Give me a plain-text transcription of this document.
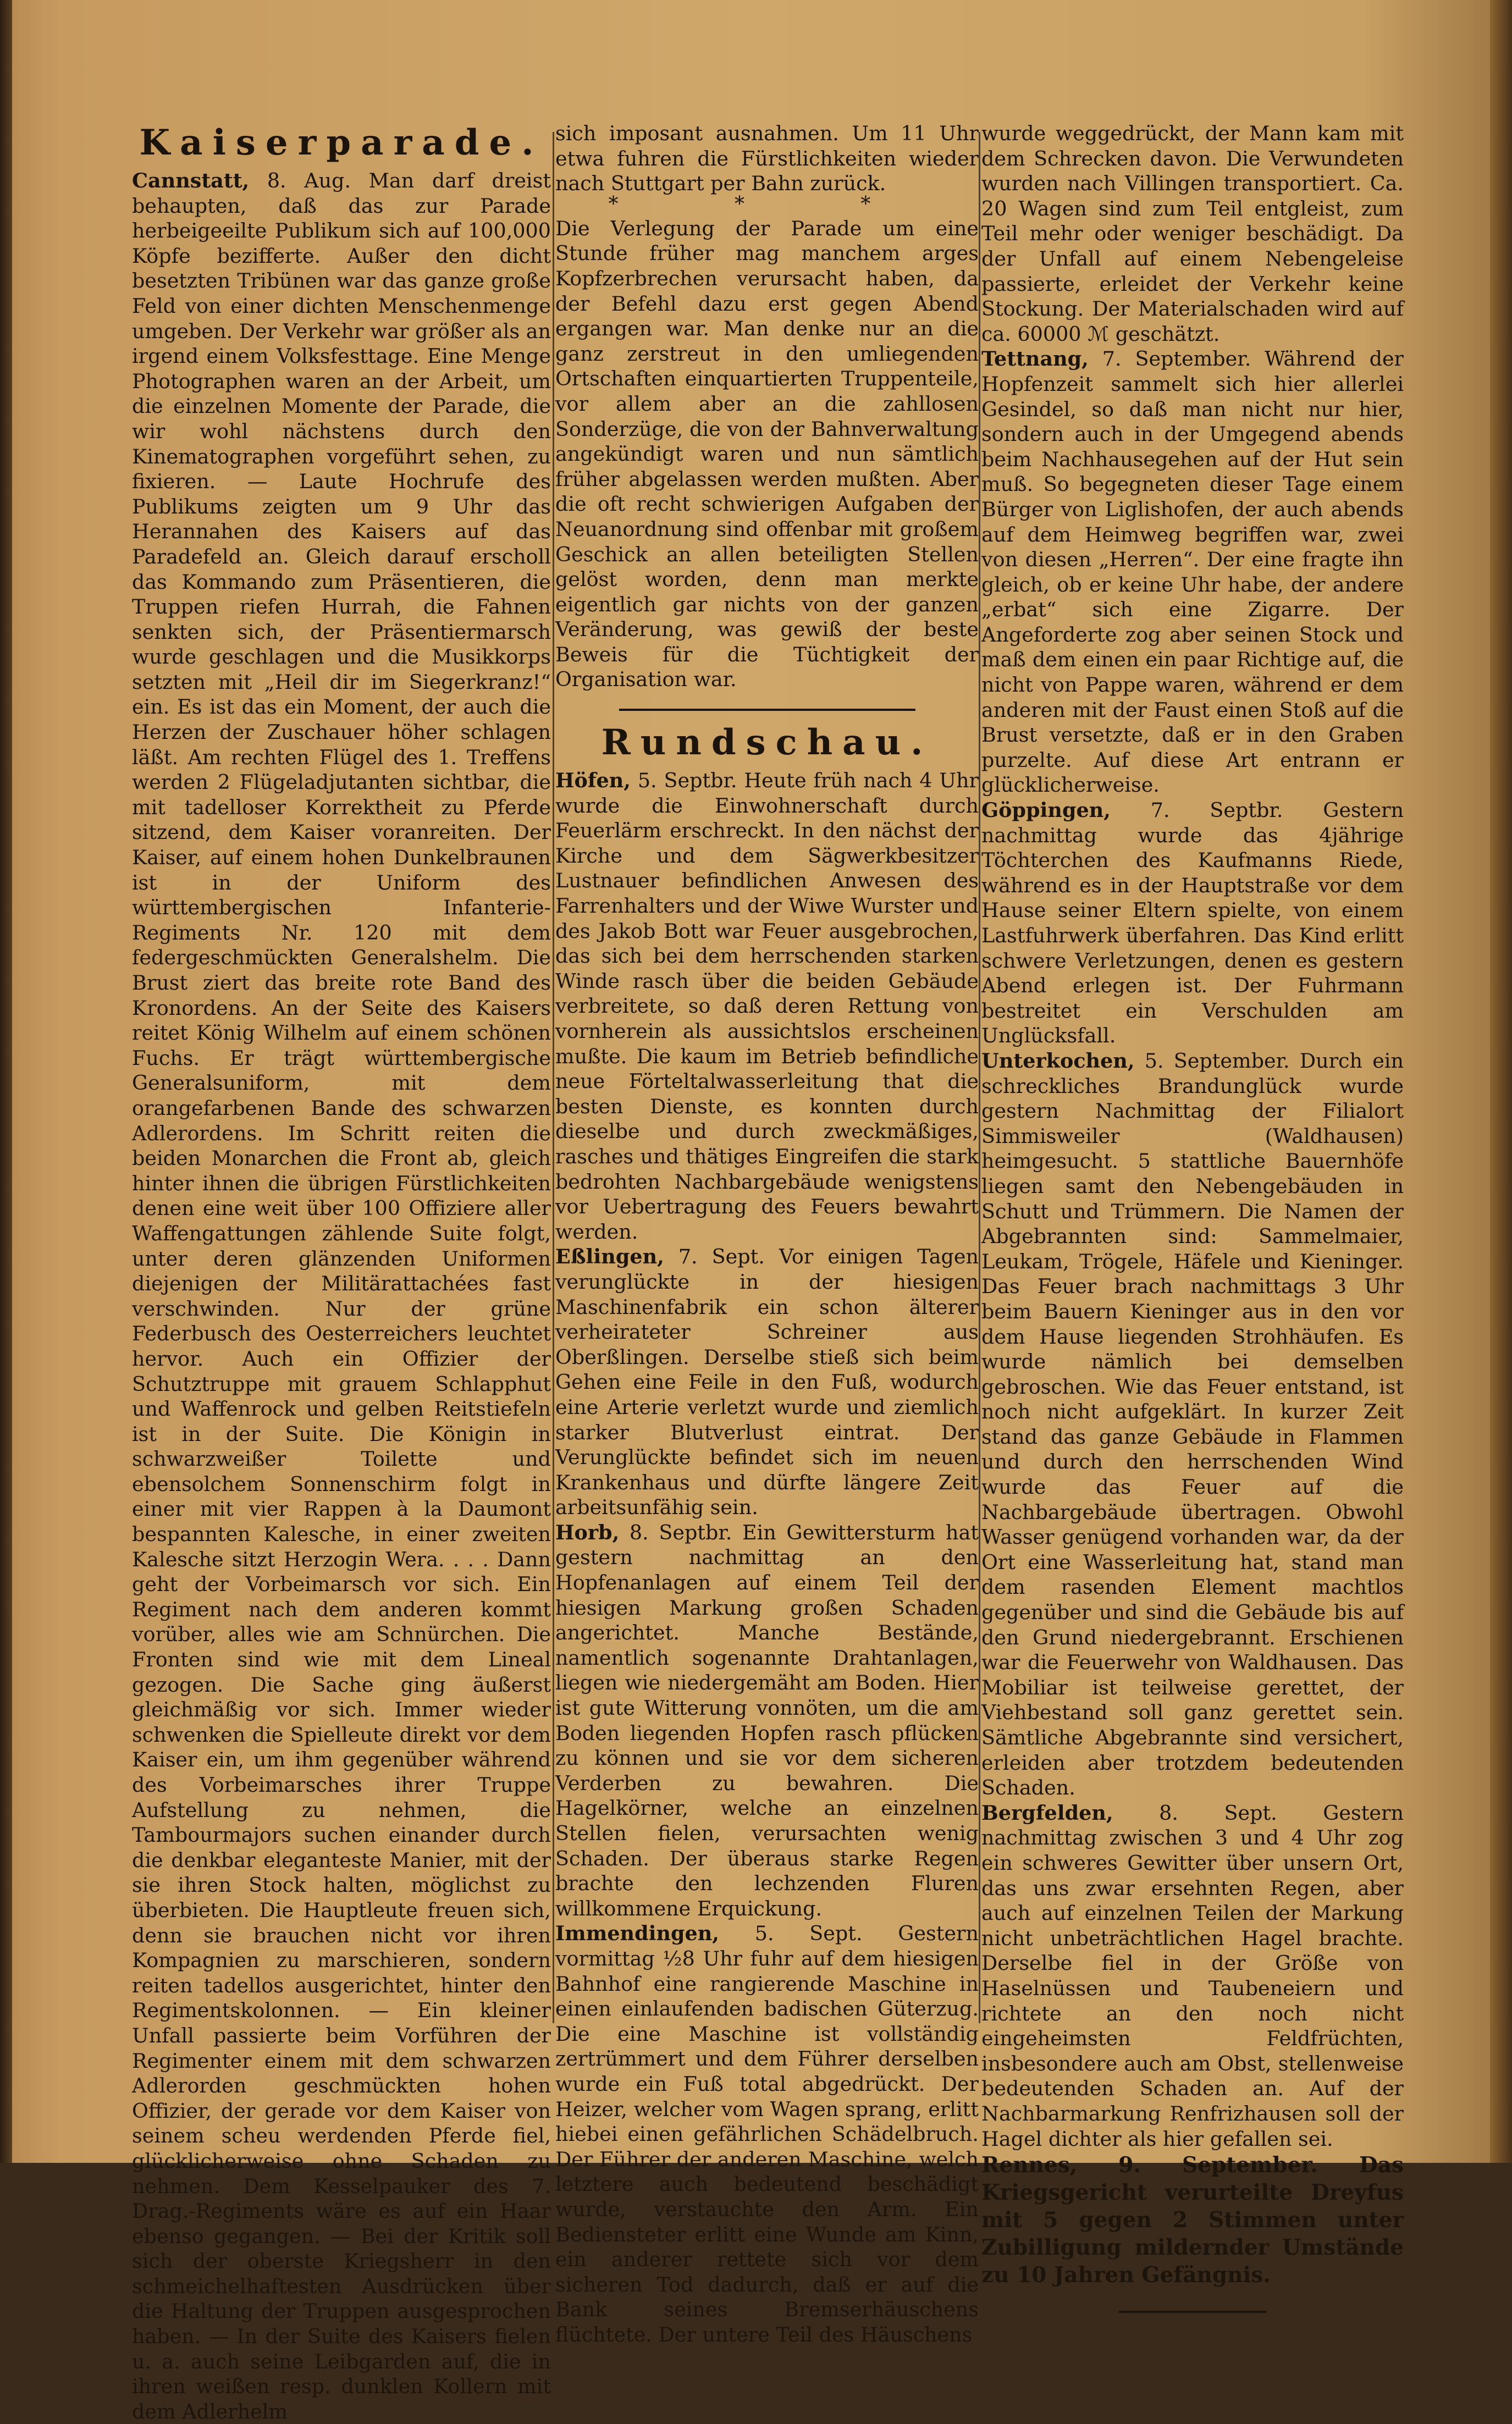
Kaiserparade.

Cannstatt, 8. Aug. Man darf dreist behaupten, daß das zur Parade herbeigeeilte Publikum sich auf 100,000 Köpfe bezifferte. Außer den dicht besetzten Tribünen war das ganze große Feld von einer dichten Menschenmenge umgeben. Der Verkehr war größer als an irgend einem Volksfesttage. Eine Menge Photographen waren an der Arbeit, um die einzelnen Momente der Parade, die wir wohl nächstens durch den Kinematographen vorgeführt sehen, zu fixieren. — Laute Hochrufe des Publikums zeigten um 9 Uhr das Herannahen des Kaisers auf das Paradefeld an. Gleich darauf erscholl das Kommando zum Präsentieren, die Truppen riefen Hurrah, die Fahnen senkten sich, der Präsentiermarsch wurde geschlagen und die Musikkorps setzten mit „Heil dir im Siegerkranz!“ ein. Es ist das ein Moment, der auch die Herzen der Zuschauer höher schlagen läßt. Am rechten Flügel des 1. Treffens werden 2 Flügeladjutanten sichtbar, die mit tadelloser Korrektheit zu Pferde sitzend, dem Kaiser voranreiten. Der Kaiser, auf einem hohen Dunkelbraunen ist in der Uniform des württembergischen Infanterie-Regiments Nr. 120 mit dem federgeschmückten Generalshelm. Die Brust ziert das breite rote Band des Kronordens. An der Seite des Kaisers reitet König Wilhelm auf einem schönen Fuchs. Er trägt württembergische Generalsuniform, mit dem orangefarbenen Bande des schwarzen Adlerordens. Im Schritt reiten die beiden Monarchen die Front ab, gleich hinter ihnen die übrigen Fürstlichkeiten denen eine weit über 100 Offiziere aller Waffengattungen zählende Suite folgt, unter deren glänzenden Uniformen diejenigen der Militärattachées fast verschwinden. Nur der grüne Federbusch des Oesterreichers leuchtet hervor. Auch ein Offizier der Schutztruppe mit grauem Schlapphut und Waffenrock und gelben Reitstiefeln ist in der Suite. Die Königin in schwarzweißer Toilette und ebensolchem Sonnenschirm folgt in einer mit vier Rappen à la Daumont bespannten Kalesche, in einer zweiten Kalesche sitzt Herzogin Wera. . . . Dann geht der Vorbeimarsch vor sich. Ein Regiment nach dem anderen kommt vorüber, alles wie am Schnürchen. Die Fronten sind wie mit dem Lineal gezogen. Die Sache ging äußerst gleichmäßig vor sich. Immer wieder schwenken die Spielleute direkt vor dem Kaiser ein, um ihm gegenüber während des Vorbeimarsches ihrer Truppe Aufstellung zu nehmen, die Tambourmajors suchen einander durch die denkbar eleganteste Manier, mit der sie ihren Stock halten, möglichst zu überbieten. Die Hauptleute freuen sich, denn sie brauchen nicht vor ihren Kompagnien zu marschieren, sondern reiten tadellos ausgerichtet, hinter den Regimentskolonnen. — Ein kleiner Unfall passierte beim Vorführen der Regimenter einem mit dem schwarzen Adlerorden geschmückten hohen Offizier, der gerade vor dem Kaiser von seinem scheu werdenden Pferde fiel, glücklicherweise ohne Schaden zu nehmen. Dem Kesselpauker des 7. Drag.-Regiments wäre es auf ein Haar ebenso gegangen. — Bei der Kritik soll sich der oberste Kriegsherr in den schmeichelhaftesten Ausdrücken über die Haltung der Truppen ausgesprochen haben. — In der Suite des Kaisers fielen u. a. auch seine Leibgarden auf, die in ihren weißen resp. dunklen Kollern mit dem Adlerhelm

sich imposant ausnahmen. Um 11 Uhr etwa fuhren die Fürstlichkeiten wieder nach Stuttgart per Bahn zurück.

* * *

Die Verlegung der Parade um eine Stunde früher mag manchem arges Kopfzerbrechen verursacht haben, da der Befehl dazu erst gegen Abend ergangen war. Man denke nur an die ganz zerstreut in den umliegenden Ortschaften einquartierten Truppenteile, vor allem aber an die zahllosen Sonderzüge, die von der Bahnverwaltung angekündigt waren und nun sämtlich früher abgelassen werden mußten. Aber die oft recht schwierigen Aufgaben der Neuanordnung sind offenbar mit großem Geschick an allen beteiligten Stellen gelöst worden, denn man merkte eigentlich gar nichts von der ganzen Veränderung, was gewiß der beste Beweis für die Tüchtigkeit der Organisation war.

Rundschau.

Höfen, 5. Septbr. Heute früh nach 4 Uhr wurde die Einwohnerschaft durch Feuerlärm erschreckt. In den nächst der Kirche und dem Sägwerkbesitzer Lustnauer befindlichen Anwesen des Farrenhalters und der Wiwe Wurster und des Jakob Bott war Feuer ausgebrochen, das sich bei dem herrschenden starken Winde rasch über die beiden Gebäude verbreitete, so daß deren Rettung von vornherein als aussichtslos erscheinen mußte. Die kaum im Betrieb befindliche neue Förteltalwasserleitung that die besten Dienste, es konnten durch dieselbe und durch zweckmäßiges, rasches und thätiges Eingreifen die stark bedrohten Nachbargebäude wenigstens vor Uebertragung des Feuers bewahrt werden.

Eßlingen, 7. Sept. Vor einigen Tagen verunglückte in der hiesigen Maschinenfabrik ein schon älterer verheirateter Schreiner aus Oberßlingen. Derselbe stieß sich beim Gehen eine Feile in den Fuß, wodurch eine Arterie verletzt wurde und ziemlich starker Blutverlust eintrat. Der Verunglückte befindet sich im neuen Krankenhaus und dürfte längere Zeit arbeitsunfähig sein.

Horb, 8. Septbr. Ein Gewittersturm hat gestern nachmittag an den Hopfenanlagen auf einem Teil der hiesigen Markung großen Schaden angerichtet. Manche Bestände, namentlich sogenannte Drahtanlagen, liegen wie niedergemäht am Boden. Hier ist gute Witterung vonnöten, um die am Boden liegenden Hopfen rasch pflücken zu können und sie vor dem sicheren Verderben zu bewahren. Die Hagelkörner, welche an einzelnen Stellen fielen, verursachten wenig Schaden. Der überaus starke Regen brachte den lechzenden Fluren willkommene Erquickung.

Immendingen, 5. Sept. Gestern vormittag ½8 Uhr fuhr auf dem hiesigen Bahnhof eine rangierende Maschine in einen einlaufenden badischen Güterzug. Die eine Maschine ist vollständig zertrümmert und dem Führer derselben wurde ein Fuß total abgedrückt. Der Heizer, welcher vom Wagen sprang, erlitt hiebei einen gefährlichen Schädelbruch. Der Führer der anderen Maschine, welch letztere auch bedeutend beschädigt wurde, verstauchte den Arm. Ein Bediensteter erlitt eine Wunde am Kinn, ein anderer rettete sich vor dem sicheren Tod dadurch, daß er auf die Bank seines Bremserhäuschens flüchtete. Der untere Teil des Häuschens

wurde weggedrückt, der Mann kam mit dem Schrecken davon. Die Verwundeten wurden nach Villingen transportiert. Ca. 20 Wagen sind zum Teil entgleist, zum Teil mehr oder weniger beschädigt. Da der Unfall auf einem Nebengeleise passierte, erleidet der Verkehr keine Stockung. Der Materialschaden wird auf ca. 60000 ℳ geschätzt.

Tettnang, 7. September. Während der Hopfenzeit sammelt sich hier allerlei Gesindel, so daß man nicht nur hier, sondern auch in der Umgegend abends beim Nachhausegehen auf der Hut sein muß. So begegneten dieser Tage einem Bürger von Liglishofen, der auch abends auf dem Heimweg begriffen war, zwei von diesen „Herren“. Der eine fragte ihn gleich, ob er keine Uhr habe, der andere „erbat“ sich eine Zigarre. Der Angeforderte zog aber seinen Stock und maß dem einen ein paar Richtige auf, die nicht von Pappe waren, während er dem anderen mit der Faust einen Stoß auf die Brust versetzte, daß er in den Graben purzelte. Auf diese Art entrann er glücklicherweise.

Göppingen, 7. Septbr. Gestern nachmittag wurde das 4jährige Töchterchen des Kaufmanns Riede, während es in der Hauptstraße vor dem Hause seiner Eltern spielte, von einem Lastfuhrwerk überfahren. Das Kind erlitt schwere Verletzungen, denen es gestern Abend erlegen ist. Der Fuhrmann bestreitet ein Verschulden am Unglücksfall.

Unterkochen, 5. September. Durch ein schreckliches Brandunglück wurde gestern Nachmittag der Filialort Simmisweiler (Waldhausen) heimgesucht. 5 stattliche Bauernhöfe liegen samt den Nebengebäuden in Schutt und Trümmern. Die Namen der Abgebrannten sind: Sammelmaier, Leukam, Trögele, Häfele und Kieninger. Das Feuer brach nachmittags 3 Uhr beim Bauern Kieninger aus in den vor dem Hause liegenden Strohhäufen. Es wurde nämlich bei demselben gebroschen. Wie das Feuer entstand, ist noch nicht aufgeklärt. In kurzer Zeit stand das ganze Gebäude in Flammen und durch den herrschenden Wind wurde das Feuer auf die Nachbargebäude übertragen. Obwohl Wasser genügend vorhanden war, da der Ort eine Wasserleitung hat, stand man dem rasenden Element machtlos gegenüber und sind die Gebäude bis auf den Grund niedergebrannt. Erschienen war die Feuerwehr von Waldhausen. Das Mobiliar ist teilweise gerettet, der Viehbestand soll ganz gerettet sein. Sämtliche Abgebrannte sind versichert, erleiden aber trotzdem bedeutenden Schaden.

Bergfelden, 8. Sept. Gestern nachmittag zwischen 3 und 4 Uhr zog ein schweres Gewitter über unsern Ort, das uns zwar ersehnten Regen, aber auch auf einzelnen Teilen der Markung nicht unbeträchtlichen Hagel brachte. Derselbe fiel in der Größe von Haselnüssen und Taubeneiern und richtete an den noch nicht eingeheimsten Feldfrüchten, insbesondere auch am Obst, stellenweise bedeutenden Schaden an. Auf der Nachbarmarkung Renfrizhausen soll der Hagel dichter als hier gefallen sei.

Rennes, 9. September. Das Kriegsgericht verurteilte Dreyfus mit 5 gegen 2 Stimmen unter Zubilligung mildernder Umstände zu 10 Jahren Gefängnis.
